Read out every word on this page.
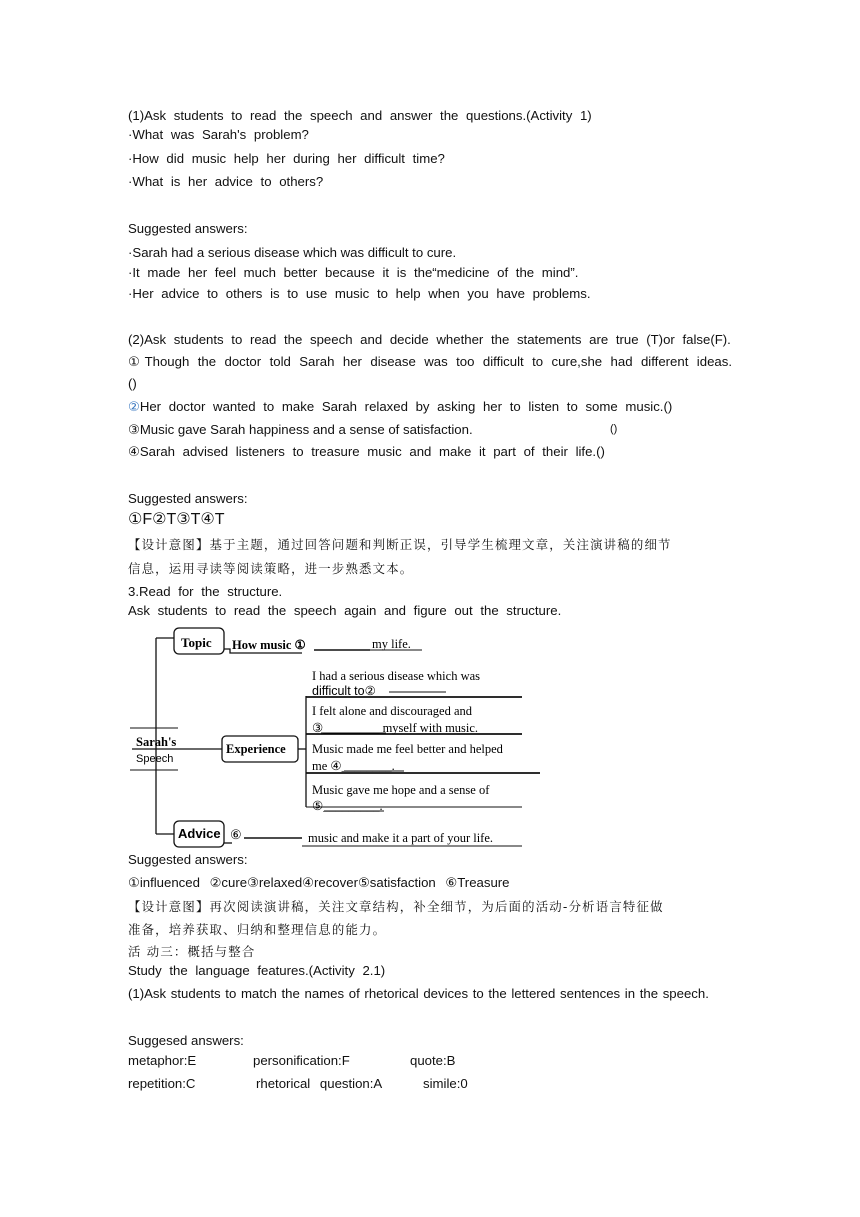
(1)Ask students to read the speech and answer the questions.(Activity 1)
·What was Sarah's problem?
·How did music help her during her difficult time?
·What is her advice to others?
Suggested answers:
·Sarah had a serious disease which was difficult to cure.
·It made her feel much better because it is the“medicine of the mind”.
·Her advice to others is to use music to help when you have problems.
(2)Ask students to read the speech and decide whether the statements are true (T)or false(F).
①Though the doctor told Sarah her disease was too difficult to cure,she had different ideas.
()
②Her doctor wanted to make Sarah relaxed by asking her to listen to some music.()
③Music gave Sarah happiness and a sense of satisfaction.	()
④Sarah advised listeners to treasure music and make it part of their life.()
Suggested answers:
①F②T③T④T
【设计意图】基于主题，通过回答问题和判断正误，引导学生梳理文章，关注演讲稿的细节
信息，运用寻读等阅读策略，进一步熟悉文本。
3.Read for the structure.
Ask students to read the speech again and figure out the structure.
Sarah's
Speech
Topic How music ①	my life.
Experience
I had a serious disease which was
difficult to②
I felt alone and discouraged and
③_________ myself with music.
Music made me feel better and helped
me ④________.
Music gave me hope and a sense of
⑤_________.
Advice ⑥	music and make it a part of your life.
Suggested answers:
①influenced ②cure③relaxed④recover⑤satisfaction ⑥Treasure
【设计意图】再次阅读演讲稿，关注文章结构，补全细节，为后面的活动-分析语言特征做
准备，培养获取、归纳和整理信息的能力。
活 动三：概括与整合
Study the language features.(Activity 2.1)
(1)Ask students to match the names of rhetorical devices to the lettered sentences in the speech.
Suggesed answers:
metaphor:E	personification:F	quote:B
repetition:C	rhetorical question:A	simile:0
